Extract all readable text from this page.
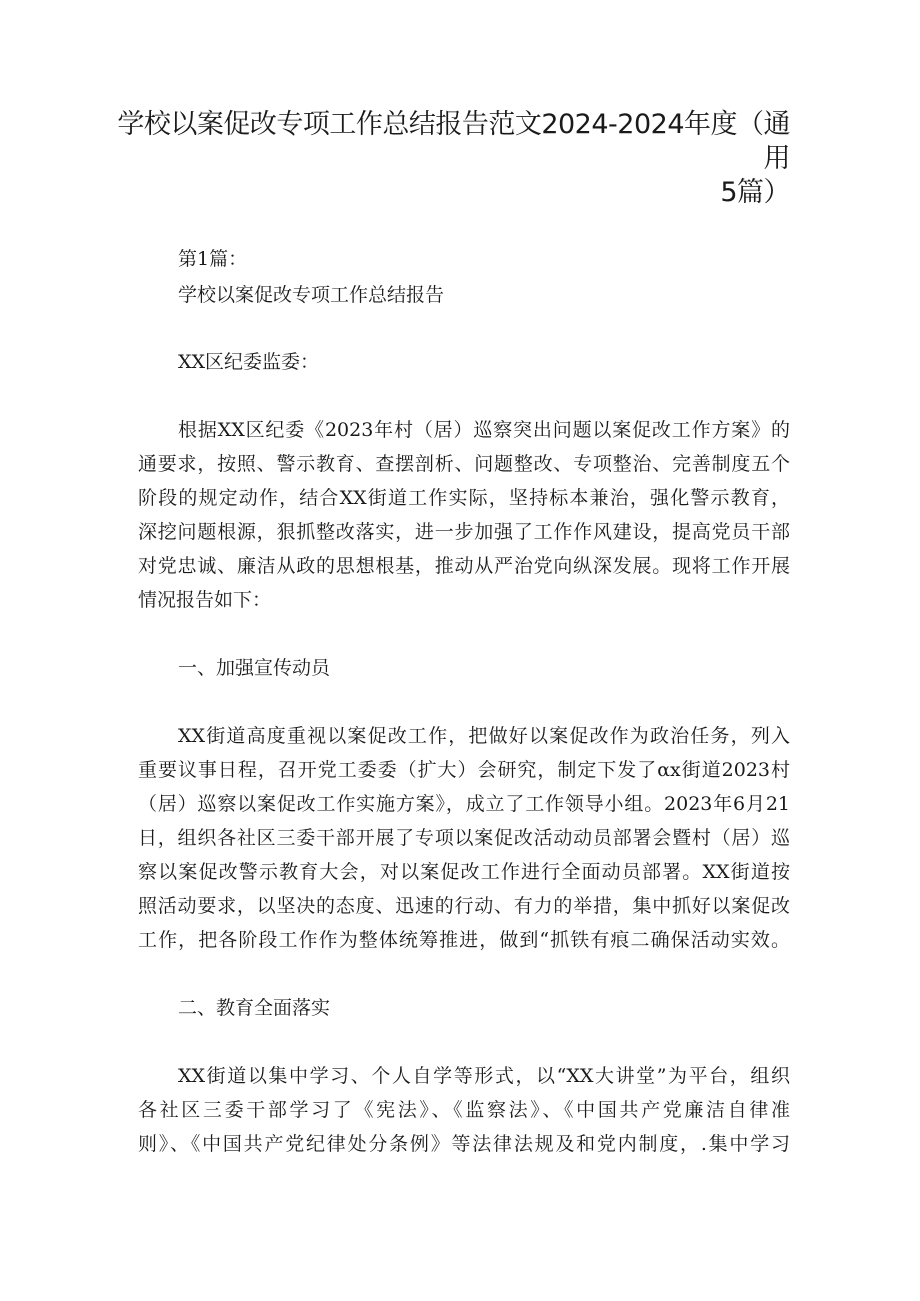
学校以案促改专项工作总结报告范文2024-2024年度（通用
5篇）

第1篇：

学校以案促改专项工作总结报告

XX区纪委监委：

根据XX区纪委《2023年村（居）巡察突出问题以案促改工作方案》的

通要求，按照、警示教育、查摆剖析、问题整改、专项整治、完善制度五个

阶段的规定动作，结合XX街道工作实际，坚持标本兼治，强化警示教育，

深挖问题根源，狠抓整改落实，进一步加强了工作作风建设，提高党员干部

对党忠诚、廉洁从政的思想根基，推动从严治党向纵深发展。现将工作开展

情况报告如下：

一、加强宣传动员

XX街道高度重视以案促改工作，把做好以案促改作为政治任务，列入

重要议事日程，召开党工委委（扩大）会研究，制定下发了αx街道2023村

（居）巡察以案促改工作实施方案》，成立了工作领导小组。2023年6月21

日，组织各社区三委干部开展了专项以案促改活动动员部署会暨村（居）巡

察以案促改警示教育大会，对以案促改工作进行全面动员部署。XX街道按

照活动要求，以坚决的态度、迅速的行动、有力的举措，集中抓好以案促改

工作，把各阶段工作作为整体统筹推进，做到“抓铁有痕二确保活动实效。

二、教育全面落实

XX街道以集中学习、个人自学等形式，以“XX大讲堂”为平台，组织

各社区三委干部学习了《宪法》、《监察法》、《中国共产党廉洁自律准

则》、《中国共产党纪律处分条例》等法律法规及和党内制度，.集中学习
